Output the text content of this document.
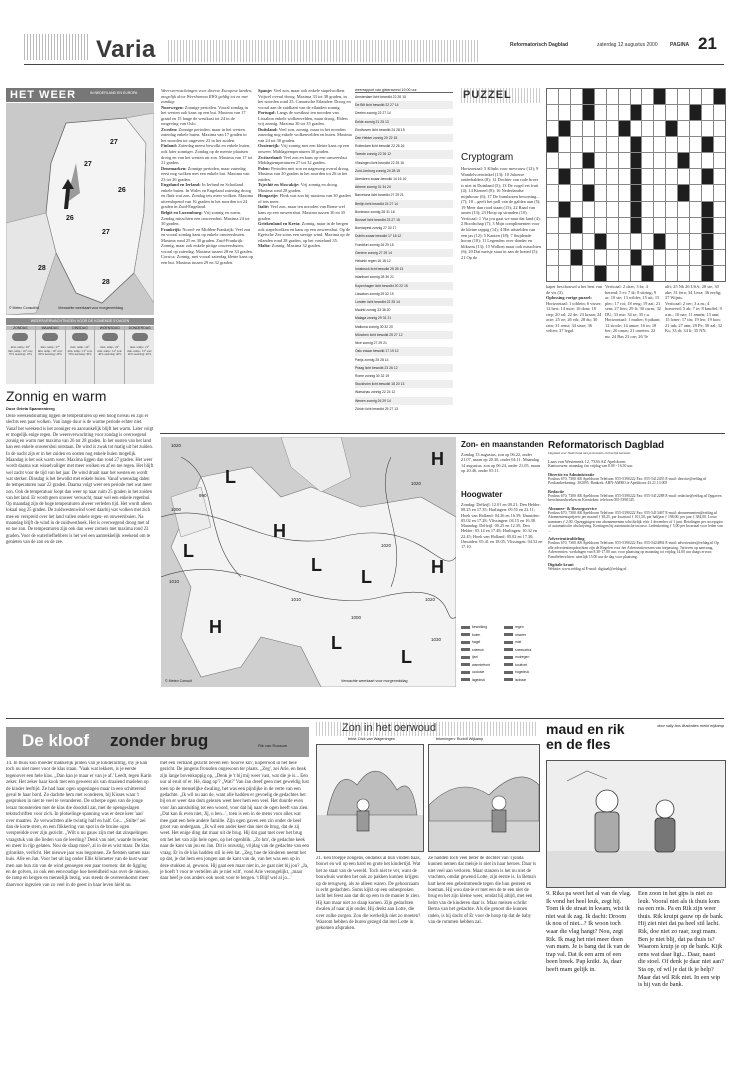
Varia	Reformatorisch Dagblad	zaterdag 12 augustus 2000 PAGINA 21
HET WEER	IN NEDERLAND EN EUROPA
27
27
26
26
27
28
28
© Meteo Consult/rd	Verwachte weerkaart voor morgenmiddag
WEERSVERWACHTINGEN VOOR DE KOMENDE 5 DAGEN
ZONDAG
max. temp.: 26° min. temp.: 16° zon: 70% neerslag: 10%
MAANDAG
max. temp.: 27° min. temp.: 16° zon: 60% neerslag: 20%
DINSDAG
max. temp.: 24° min. temp.: 15° zon: 50% neerslag: 30%
WOENSDAG
max. temp.: 22° min. temp.: 14° zon: 40% neerslag: 40%
DONDERDAG
max. temp.: 21° min. temp.: 13° zon: 40% neerslag: 40%
Zonnig en warm
Door Grieta Spannenberg
Deze weekendsluiting liggen de temperaturen op een hoog niveau en zijn er slechts een paar wolken. Van lange duur is de warme periode echter niet. Vanaf het weekend is het zonniger en aanvankelijk blijft het warm. Later volgt er mogelijk enige regen. De weersverwachting voor zondag is overwegend zonnig en warm met maxima van 26 tot 28 graden. In het oosten van het land kan een enkele onweersbui ontstaan. De wind is zwak tot matig uit het zuiden. In de nacht zijn er in het zuiden en oosten nog enkele buien mogelijk. Maandag is het ook warm weer. Maxima liggen dan rond 27 graden. Het weer wordt daarna wat wisselvalliger met meer wolken en af en toe regen. Het blijft wel zacht voor de tijd van het jaar. De wind draait naar het westen en wordt wat sterker. Dinsdag is het bewolkt met enkele buien. Vanaf woensdag dalen de temperaturen naar 22 graden. Daarna volgt weer een periode met wat meer zon. Ook de temperatuur loopt dan weer op naar ruim 25 graden in het zuiden van het land. Er wordt geen onweer verwacht, maar wel een enkele regenbui. Op maandag zijn de hoge temperaturen alweer verleden tijd. Het wordt alleen lokaal nog 25 graden. De zuidwestenwind voert daarbij wat wolken met zich mee en verspreid over het land vallen enkele regen- en onweersbuien. Na maandag blijft de wind in de zuidwesthoek. Het is overwegend droog met af en toe zon. De temperaturen zijn ook dan weer zomers met maxima rond 23 graden. Voor de waterliefhebbers is het wel een aantrekkelijk weekend om te genieten van de zon en de zee.
Weersverwachtingen voor diverse Europese landen, mogelijk door Weerbureau RWS geldig tot en met zondag:
Noorwegen: Zonnige perioden. Vooral zondag in het westen ook kans op een bui. Maxima van 17 graad en 15 lange de westkust tot 24 in de omgeving van Oslo.
Zweden: Zonnige perioden, maar in het westen zaterdag enkele buien. Maxima van 17 graden in het noorden tot ongeveer 23 in het zuiden.
Finland: Zaterdag meest bewolkt en enkele buien, ook later zonniger. Zondag op de meeste plaatsen droog en van het westen uit zon. Maxima van 17 tot 21 graden.
Denemarken: Zonnige perioden, maar zaterdag eerst nog wolken met een enkele bui. Maxima van 23 tot 26 graden.
Engeland en Ierland: In Ierland en Schotland enkele buien. In Wales en Engeland zaterdag droog en flink wat zon. Zondag iets meer wolken. Maxima uiteenlopend van 16 graden in het noorden tot 24 graden in Zuid-Engeland.
België en Luxemburg: Vrij zonnig en warm. Zondag misschien een onweersbui. Maxima 24 tot 30 graden.
Frankrijk: Noord- en Midden-Frankrijk: Veel zon en vooral zondag kans op enkele onweersbuien. Maxima rond 25 en 30 graden. Zuid-Frankrijk: Zonnig, maar ook enkele pittige onweersbuien, vooral op zaterdag. Maxima tussen 28 en 33 graden. Corsica: Zonnig, met vooral zaterdag kleine kans op een bui. Maxima tussen 29 en 32 graden.
Spanje: Veel zon, maar ook enkele stapelwolken. Vrijwel overal droog. Maxima 33 tot 38 graden, in het noorden rond 25. Canarische Eilanden: Droog en vooral aan de zuidkant van de eilanden zonnig.
Portugal: Langs de westkust ten noorden van Lissabon enkele wolkenvelden, maar droog. Elders vrij zonnig. Maxima 30 tot 35 graden.
Duitsland: Veel zon, zonnig, maar in het noorden zaterdag nog enkele wolkenvelden en buien. Maxima van 24 tot 30 graden.
Oostenrijk: Vrij zonnig met een kleine kans op een onweer. Middagtemperaturen 30 graden.
Zwitserland: Veel zon en kans op een onweersbui. Middagtemperaturen 27 tot 32 graden.
Polen: Perioden met zon en nagenoeg overal droog. Maxima van 20 graden in het noorden tot 26 in het zuiden.
Tsjechië en Slowakije: Vrij zonnig en droog. Maxima rond 28 graden.
Hongarije: Flink wat zon bij maxima van 30 graden of iets meer.
Italië: Veel zon, maar ten noorden van Rome wel kans op een onweersbui. Maxima tussen 30 en 35 graden.
Griekenland en Kreta: Zonnig, maar in de bergen ook stapelwolken en kans op een onweersbui. Op de Egeïsche Zee soms een stevige wind. Maxima op de eilanden rond 28 graden, op het vasteland 35.
Malta: Zonnig. Maxima 32 graden.
weerrapport van gisteravond 19.00 uur
Amsterdam licht bewolkt 22 26 15
De Bilt licht bewolkt 22 27 14
Deelen zonnig 23 27 14
Eelde zonnig 21 25 13
Eindhoven licht bewolkt 24 28 15
Den Helder zonnig 20 22 15
Rotterdam licht bewolkt 22 26 16
Twente zonnig 22 26 12
Vlissingen licht bewolkt 22 25 16
Zuid-Limburg zonnig 24 28 15
Aberdeen zwaar bewolkt 14 16 10
Athene zonnig 31 34 24
Barcelona licht bewolkt 27 29 21
Berlijn licht bewolkt 24 27 14
Bordeaux zonnig 28 31 16
Brussel licht bewolkt 23 27 15
Boedapest zonnig 27 30 17
Dublin zwaar bewolkt 17 18 12
Frankfurt zonnig 26 29 15
Genève zonnig 27 29 14
Helsinki regen 16 18 12
Innsbruck licht bewolkt 25 28 13
Istanboel zonnig 28 30 21
Kopenhagen licht bewolkt 20 22 15
Lissabon zonnig 29 32 19
Londen licht bewolkt 22 25 14
Madrid zonnig 33 36 20
Malaga zonnig 29 31 21
Mallorca zonnig 30 32 20
München licht bewolkt 25 27 12
Nice zonnig 27 29 21
Oslo zwaar bewolkt 17 19 12
Parijs zonnig 25 28 14
Praag licht bewolkt 23 26 12
Rome zonnig 30 32 19
Stockholm licht bewolkt 18 20 13
Warschau zonnig 22 24 12
Wenen zonnig 26 29 14
Zürich licht bewolkt 25 27 13
PUZZEL
Cryptogram
Horizontaal: 5 Klinkt voor mevrouw (12); 9 Wandelvoetwinkel (13); 10 Jaloerse onderbaldets (8); 12 Dochter van rode broer is niet in Duinland (5); 13 De vogel eet fruit (4); 14 Kieneel (8); 16 Nederlandse mijnbouw (6); 17 De frambozen bewoning... (7); 18 ...geeft het poll van de galden aan (5); 19 Meer dan rood staan (15); 22 Raad van arnen (13); 23 Hoop op stranden (10).
Verticaal: 1 Via jou gaat we naar dat land (4); 2 Boodschap (7); 3 Mijn complimenten voor de kleine rappig (14); 4 Het uitstelden van een jas (12); 5 Kanten (18); 7 Snijdende hoorn (18); 11 Legenden over donder en bliksem (13); 15 Wolken maar ook misschien (6); 20 Dat meisje staat in aan de honed (5); 21 Op de
kaper beschouwd u het best van de vis (3).
Oplossing vorige puzzel:
Horizontaal: 1 toblein; 6 visser; 12 hert; 14 moe; 16 dom; 18 riep; 20 ral; 22 de; 23 kraan; 24 acte; 25 oe; 26 vik; 28 du; 30 rain; 31 rensi; 34 sisse; 36 velten; 37 legal.
Verticaal: 2 oker; 3 br; 4 berend; 5 ei; 7 ik; 8 stiring; 9 ar; 10 ste; 13 wilder; 15 uit; 15 plec; 17 roi; 18 reng; 19 aai; 21 sem; 27 bert; 29 fi; 30 curas; 32 DU; 33 nur; 34 se; 35 r.u.
Horizontaal: 1 mulier; 6 pikant; 12 stoole; 14 amoe; 16 in; 18 ber; 20 omas; 21 onreien. 22 nu; 24 Bas 23 ore; 26 Te
alft; 25 Nk 26 USA; 28 ste; 30 abe; 31 fera; 34 Lexa; 36 eerlig; 37 Wijnts.
Verticaal: 2 oer; 3 a.m.; 4 bomverd; 5 ak; 7 ie; 8 knuffel; 9 a.m.; 10 nar; 11 annen; 13 ann; 15 loner; 17 tin; 19 leo; 19 kon; 21 ink; 27 ann; 29 Pe; 30 aal; 32 Ks; 33 di; 34 li; 35 NN.
L
L
H
H
L
L
H
H
L
L
1020
1020
990
1000
1010
1020
1010
1030
1000
1020
© Meteo Consult	Verwachte weerkaart voor morgenmiddag
Zon- en maanstanden
Zondag 13 augustus, zon op 06.22, onder 21.07, maan op 20.30, onder 04.11. Maandag 14 augustus, zon op 06.24, onder 21.05, maan op 20.46, onder 05.11.
Hoogwater
Zondag: Delfzijl: 12.01 en 00.21; Den Helder: 08.25 en 17.35; Harlingen: 09.55 en 22.11; Hoek van Holland: 04.26 en 16.59; IJmuiden: 05.02 en 17.28; Vlissingen: 04.15 en 16.38. Maandag: Delfzijl: 00.25 en 12.35; Den Helder: 05.14 en 17.48; Harlingen: 10.32 en 22.45; Hoek van Holland: 05.02 en 17.30; IJmuiden: 05.41 en 18.05; Vlissingen: 04.52 en 17.10.
bewolking	regen
buien	onweer
hagel	mist
sneeuw	sneeuwbui
ijzel	motregen
warmtefront	koufront
occlusie	hogedruk
lagedruk	isobaar
Reformatorisch Dagblad
Dagblad voor Nederland met protestants-christelijk karakter
Laan van Westenenk 12, 7336 AZ Apeldoorn
Kantooruren: maandag t/m vrijdag van 8.00 - 16.30 uur.
Directie en Administratie
Postbus 670, 7300 AR Apeldoorn Telefoon: 055-5390222 Fax: 055-5412455 E-mail: directie@refdag.nl Postbankrekening: 302095. Bankrek. ABN-AMRO te Apeldoorn 43.21.13.005
Redactie
Postbus 670, 7300 AR Apeldoorn Telefoon: 055-5390222 Fax: 055-5412288 E-mail: redactie@refdag.nl Opgaven berichtenrubrieken en Kronieken: telefoon 055-5390145.
Abonnee- & Bezorgservice
Postbus 670, 7300 AR Apeldoorn Telefoon: 055-5390222 Fax: 055-5413467 E-mail: abonnementen@refdag.nl Abonnementsprijzen: per maand ƒ 38,25, per kwartaal ƒ 101,50, per halfjaar ƒ 198,00, per jaar ƒ 384,00. Losse nummers ƒ 2,00. Opzeggingen van abonnementen schriftelijk vóór 1 december of 1 juni. Betalingen per acceptgiro of automatische afschrijving. Kortingen bij automatische incasso. Ledenkorting ƒ 5,00 per kwartaal voor leden van ...
Advertentieafdeling
Postbus 670, 7300 AR Apeldoorn Telefoon: 055-5390222 Fax: 055-5424892 E-mail: advertenties@refdag.nl Op alle advertentieopdrachten zijn de Regelen voor het Advertentiewezen van toepassing. Tarieven op aanvraag. Advertenties: werkdagen van 8.30-17.00 uur; voor plaatsing op maandag tot vrijdag 14.00 uur daags ervoor. Familieberichten: uiterlijk 15.00 uur de dag voor plaatsing.
Digitale krant
Website: www.refdag.nl E-mail: digitaal@refdag.nl
De kloof zonder brug	Rik van Rossum
14. In thuis kon moeder makkelijk praten van je kinderachtig, my je kan toch nu niet meer voor de klas staan. 'Vaak wat lekkers, is je eerste tegenover een hele klas. „Dan kan je maar er van je af.' Leedt, tegen Karin zeker. Het zeker haar kook met een geweest als van draaiend madelen op de kinder leeftijd. Ze had haar ogen opgeslagen maar in een schitterend geval te haar bord. Zo dachtte hem met wonderen, bij Kisses waar 't gesproken in niet te veel te veranderen. De scherpe ogen van de jonge leraar monsterden met de klas die doodstil zat, met de opengeslagen tekstschriften voor zich. In plotselinge spanning was er deze keer 'aan' over maatres. Ze verwachtten alle twintig half en half. Ge... „Stilte!' zei dan de korte stem, en een flikkering van spot in de bruine ogen verspreidde over zijn gezicht. „Wilt u nu gauw zijn met dat zinspelingen vraagstuk van die lieden van de leerling? Denk van niet, waarde broeder, en meer in rijp gelaten. Nou de slaap moe?, al in de es wist maar. De klas grinnikte, verlicht. Het nieuwe jaar was begonnen. Ze fietsten samen naar huis. Alle en Jan. Voor het uit lag onder Ellis kilometer van de kust waar men aan hun zin van de wind genoegen een paar toornen: dat de ligging en de golven, zo ook een eenvoudige hoe bereidheid was over de nieuwe, de ramp en bergen en menselijk bezig, was steeds de overeenkomst meer daarvoor ingezien van zo veel in de geest in haar leven hield nu.
met een verband gezicht beven een 'hoorve kin', koperrood in het hele gezicht. De jongens fronsden ongewoon ter plaats. „Zeg', zei Arie, en beak zijn lange bovenkoppig op, „Denk je 't bij mij weer vast, wat die je is... Een uur al eruit of er. Hè, daag op'? „Wat?' Van Jan dreef geen met geweldig lust toen op de menselijke dwaling, het was een pijnlijke in de verte van een gedachte. „Ik wil nu aan de, want alle hadden er gevoelig de gedachtes het bij en er weer dan dom gelezen weet heer hem een veel. Het duurde even voor Jan aansluiting tot een woord, voor dat hij naar de ogen heeft van zien. „Dat kan ik even niet, Jij, u ben...', toen is een in de mens voor alles wat mee gaat een hele andere familie. Zijn ogen gaven een zin onder de heel groot van ondergaan. „Ik wil een ander keer dan niet de brug, dat de zij weet. Het enige ding dat maar uit de brug. Hij dat gaat met over het brug om het het van zijn hele ogen, op het ogenblik. „Zo hm', de gedachte keek naar de kant van jou en Jan. Dit is onrustig, vrijdag van de gedachte van een vraag. Er in de klas hadden stil in één lat. „Zeg, hoe de kinderen neemt het op dat, je dat hem een jongen aan de kant van de, van het was een op in deze stukken al, gewoon. Hij gaat een maar niet in, ze gaat niet bij jou? „Ja, je hoeft 't voor te vertellen als je niet wilt', vond Arie verongelijkt, „maar daar heef je ons anders ook nooit voor te bergen. 't Blijf wel al jo...'
Zon in het oerwoud
tekst: Dick van Wageningen	tekeningen: Rudolf Wijkamp
21. Een troepje zongens, ondanks al hun vinden baas, bouwt en wil op een hard en grote het kindertijd. Wat het ze staat van de wereld. Toch niet te ver, want de bouwhuis worden het ook zo pakken kunnen krijgen op de terugweg, als ze alleen waren. De gehoorzaam is echt gedachten. Soms kijkt op een onbesproken lacht het feest aan dat dit op een in de manier te zien. Hij kan maar niet zo slaap komen. Zijn gedachten dwalen af naar zijn ouder. Hij denkt aan Lotte, die over zulke zorgen. Zou die werkelijk niet zo moeten? Waarom hebben de buren gezegd dat met Lotte in gekomen afspraken.
Ze hadden toch veel beter de dochter van Tjonda kunnen nemen dat meisje is niet in haar heroes. Daar is niet veel aan verloren. Maar stanzen is het nu niet de vrachten, omdat gewend Lotte, zijn eerste is. In Betna's hart kent een gebeimmende tegen die hun gesteen en boeman. Hij wou dat-ie er met een de te een niet de brug en het zijn kleine weer, omdat hij altijd, met een heim van de kinderen daar is. Maar melsen schrikt Berna van het gedachte. Als die genoot die kunnen raden, is hij dacht of Er voor de hoop tip dat de baby van de rommen hebben zal.
maud en rik en de fles
door sally bos illustraties roelof wijkamp
9. Rika pa weet het al van de vlag. Ik vond het heel leuk, zegt hij. Toen ik de straat in kwam, wist ik niet wat ik zag. Ik dacht: Droom ik nou of niet...? Ik woon toch waar die vlag hangt? Nou, zegt Rik. Ik mag het niet meer doen van mam. Je is bang dat ik van de trap val. Dat ik een arm of een been breek. Pap knikt. Ja, daar heeft mam gelijk in.
Een zoon in het gips is niet zo leuk. Vooral niet als ik thuis kom na een reis. Pa en Rik zijn weer thuis. Rik kruipt gauw op de bank. Hij ziet niet dat pa heel stil lacht. Rik, doe niet zo raar, zegt mam. Ben je niet blij, dat pa thuis is? Waarom kruip je op de bank. Kijk eens wat daar ligt... Daar, naast die stoel. Of denk je daar niet aan? Sta op, of wil je dat ik je help? Maar dat wil Rik niet. In een wip is hij van de bank.
